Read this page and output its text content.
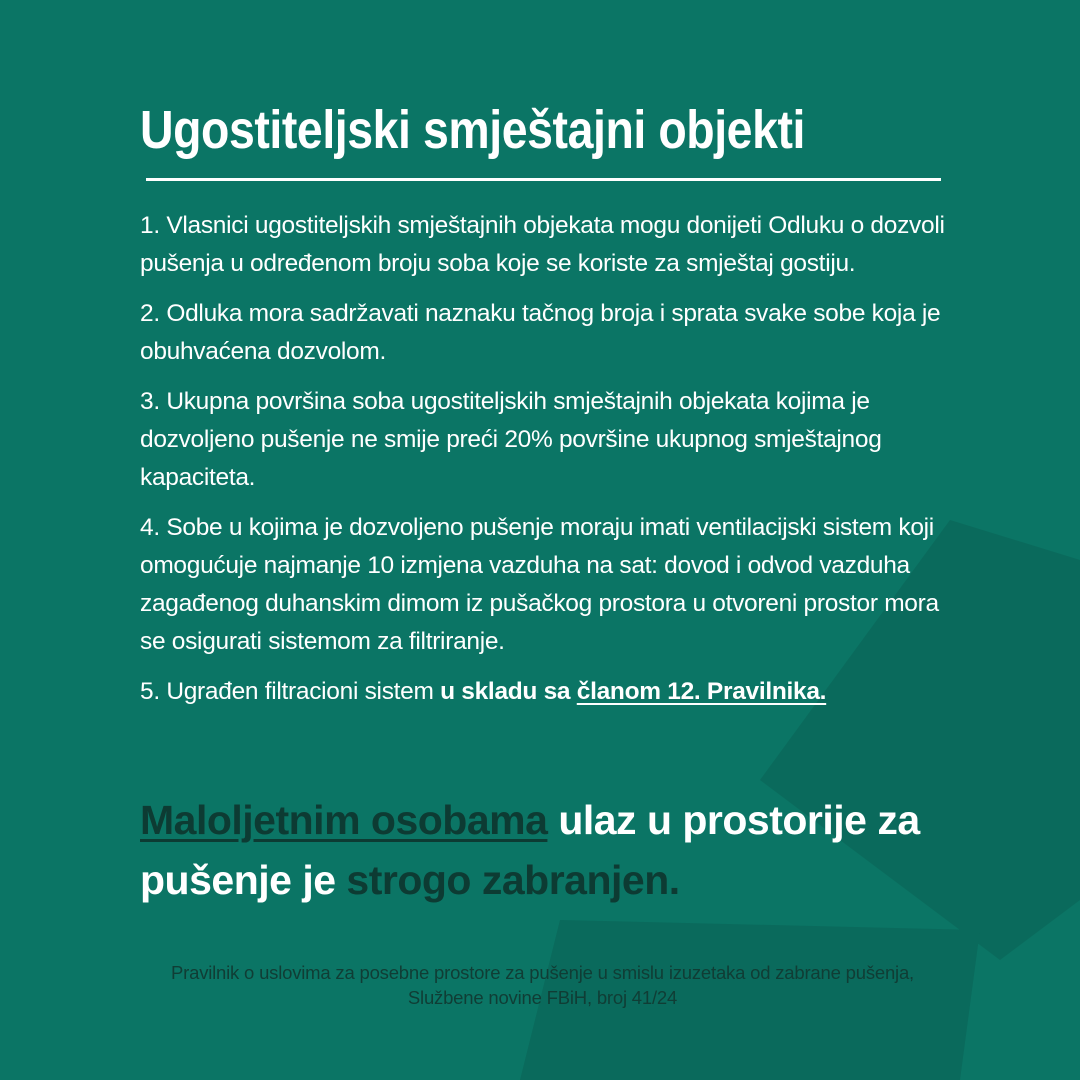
Ugostiteljski smještajni objekti

1. Vlasnici ugostiteljskih smještajnih objekata mogu donijeti Odluku o dozvoli pušenja u određenom broju soba koje se koriste za smještaj gostiju.

2. Odluka mora sadržavati naznaku tačnog broja i sprata svake sobe koja je obuhvaćena dozvolom.

3. Ukupna površina soba ugostiteljskih smještajnih objekata kojima je dozvoljeno pušenje ne smije preći 20% površine ukupnog smještajnog kapaciteta.

4. Sobe u kojima je dozvoljeno pušenje moraju imati ventilacijski sistem koji omogućuje najmanje 10 izmjena vazduha na sat: dovod i odvod vazduha zagađenog duhanskim dimom iz pušačkog prostora u otvoreni prostor mora se osigurati sistemom za filtriranje.

5. Ugrađen filtracioni sistem u skladu sa članom 12. Pravilnika.

Maloljetnim osobama ulaz u prostorije za pušenje je strogo zabranjen.

Pravilnik o uslovima za posebne prostore za pušenje u smislu izuzetaka od zabrane pušenja, Službene novine FBiH, broj 41/24
